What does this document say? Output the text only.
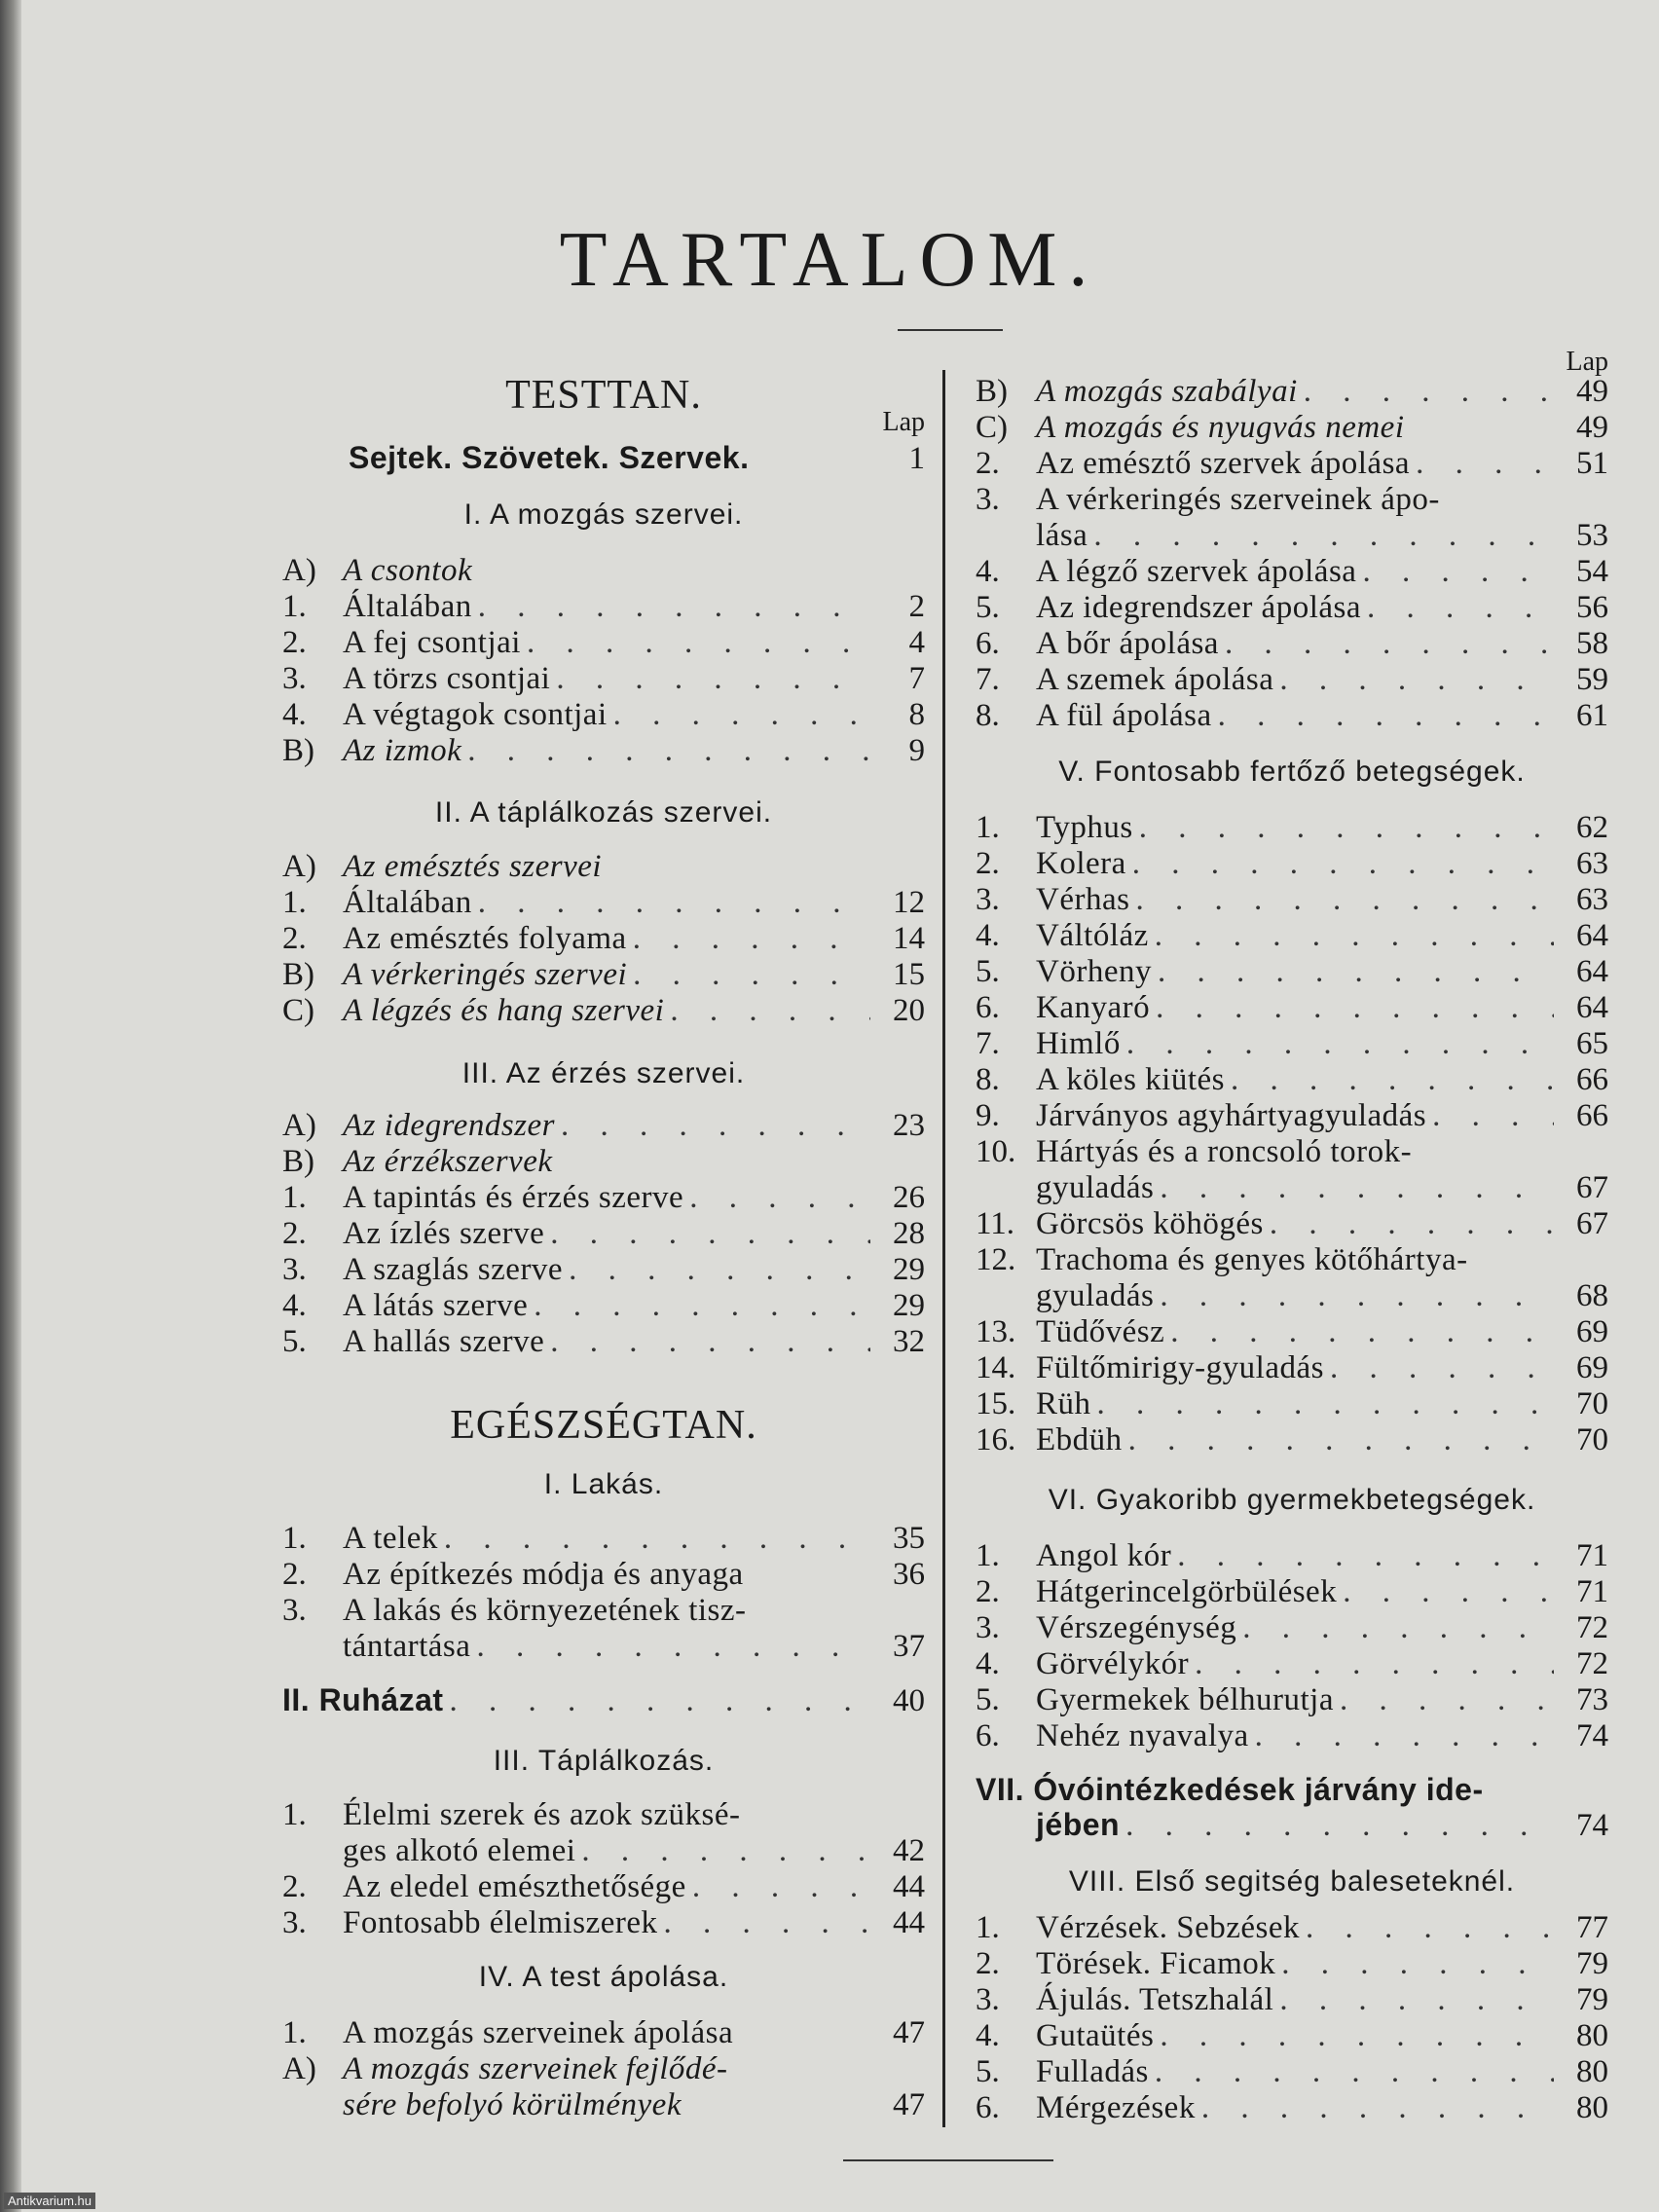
TARTALOM.
Antikvarium.hu
TESTTAN.
Lap
Sejtek. Szövetek. Szervek.	1
I. A mozgás szervei.
A) A csontok
1.	Általában . . .	2
2.	A fej csontjai . . .	4
3.	A törzs csontjai . . .	7
4.	A végtagok csontjai . . .	8
B) Az izmok . . .	9
II. A táplálkozás szervei.
A) Az emésztés szervei
1.	Általában . . .	12
2.	Az emésztés folyama . . .	14
B) A vérkeringés szervei . . .	15
C) A légzés és hang szervei . . .	20
III. Az érzés szervei.
A) Az idegrendszer . . .	23
B) Az érzékszervek
1.	A tapintás és érzés szerve . . .	26
2.	Az ízlés szerve . . .	28
3.	A szaglás szerve . . .	29
4.	A látás szerve . . .	29
5.	A hallás szerve . . .	32
EGÉSZSÉGTAN.
I. Lakás.
1.	A telek . . .	35
2.	Az építkezés módja és anyaga	36
3.	A lakás és környezetének tisz-
tántartása . . .	37
II. Ruházat . . .	40
III. Táplálkozás.
1.	Élelmi szerek és azok szüksé-
ges alkotó elemei . . .	42
2.	Az eledel emészthetősége . . .	44
3.	Fontosabb élelmiszerek . . .	44
IV. A test ápolása.
1.	A mozgás szerveinek ápolása	47
A) A mozgás szerveinek fejlődé-
sére befolyó körülmények	47
Lap
B) A mozgás szabályai . . .	49
C) A mozgás és nyugvás nemei	49
2.	Az emésztő szervek ápolása . . .	51
3.	A vérkeringés szerveinek ápo-
lása . . .	53
4.	A légző szervek ápolása . . .	54
5.	Az idegrendszer ápolása . . .	56
6.	A bőr ápolása . . .	58
7.	A szemek ápolása . . .	59
8.	A fül ápolása . . .	61
V. Fontosabb fertőző betegségek.
1.	Typhus . . .	62
2.	Kolera . . .	63
3.	Vérhas . . .	63
4.	Váltóláz . . .	64
5.	Vörheny . . .	64
6.	Kanyaró . . .	64
7.	Himlő . . .	65
8.	A köles kiütés . . .	66
9.	Járványos agyhártyagyuladás . . .	66
10. Hártyás és a roncsoló torok-
gyuladás . . .	67
11. Görcsös köhögés . . .	67
12. Trachoma és genyes kötőhártya-
gyuladás . . .	68
13. Tüdővész . . .	69
14. Fültőmirigy-gyuladás . . .	69
15. Rüh . . .	70
16. Ebdüh . . .	70
VI. Gyakoribb gyermekbetegségek.
1.	Angol kór . . .	71
2.	Hátgerincelgörbülések . . .	71
3.	Vérszegénység . . .	72
4.	Görvélykór . . .	72
5.	Gyermekek bélhurutja . . .	73
6.	Nehéz nyavalya . . .	74
VII. Óvóintézkedések járvány ide-
jében . . .	74
VIII. Első segitség baleseteknél.
1.	Vérzések. Sebzések . . .	77
2.	Törések. Ficamok . . .	79
3.	Ájulás. Tetszhalál . . .	79
4.	Gutaütés . . .	80
5.	Fulladás . . .	80
6.	Mérgezések . . .	80
